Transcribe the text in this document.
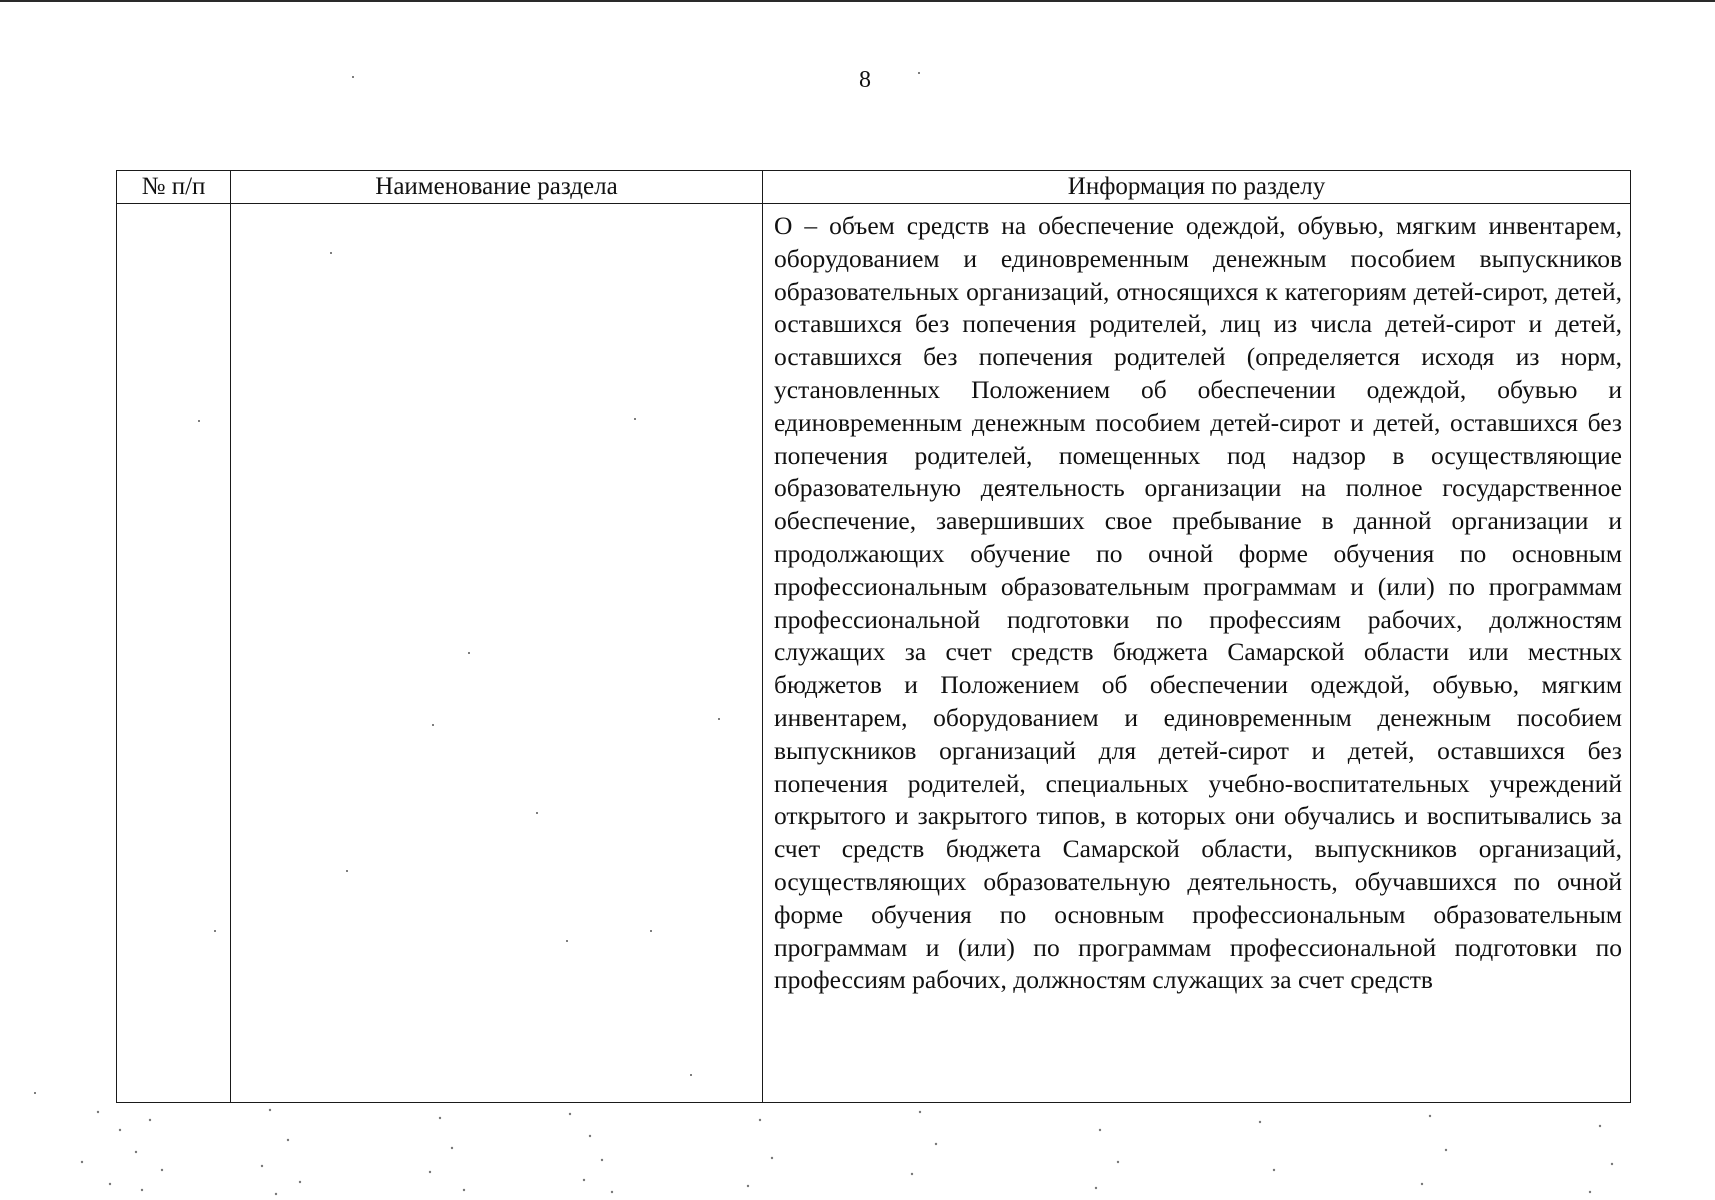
8
№ п/п	Наименование раздела	Информация по разделу

		О – объем средств на обеспечение одеждой, обувью, мягким инвентарем, оборудованием и единовременным денежным пособием выпускников образовательных организаций, относящихся к категориям детей-сирот, детей, оставшихся без попечения родителей, лиц из числа детей-сирот и детей, оставшихся без попечения родителей (определяется исходя из норм, установленных Положением об обеспечении одеждой, обувью и единовременным денежным пособием детей-сирот и детей, оставшихся без попечения родителей, помещенных под надзор в осуществляющие образовательную деятельность организации на полное государственное обеспечение, завершивших свое пребывание в данной организации и продолжающих обучение по очной форме обучения по основным профессиональным образовательным программам и (или) по программам профессиональной подготовки по профессиям рабочих, должностям служащих за счет средств бюджета Самарской области или местных бюджетов и Положением об обеспечении одеждой, обувью, мягким инвентарем, оборудованием и единовременным денежным пособием выпускников организаций для детей-сирот и детей, оставшихся без попечения родителей, специальных учебно-воспитательных учреждений открытого и закрытого типов, в которых они обучались и воспитывались за счет средств бюджета Самарской области, выпускников организаций, осуществляющих образовательную деятельность, обучавшихся по очной форме обучения по основным профессиональным образовательным программам и (или) по программам профессиональной подготовки по профессиям рабочих, должностям служащих за счет средств
